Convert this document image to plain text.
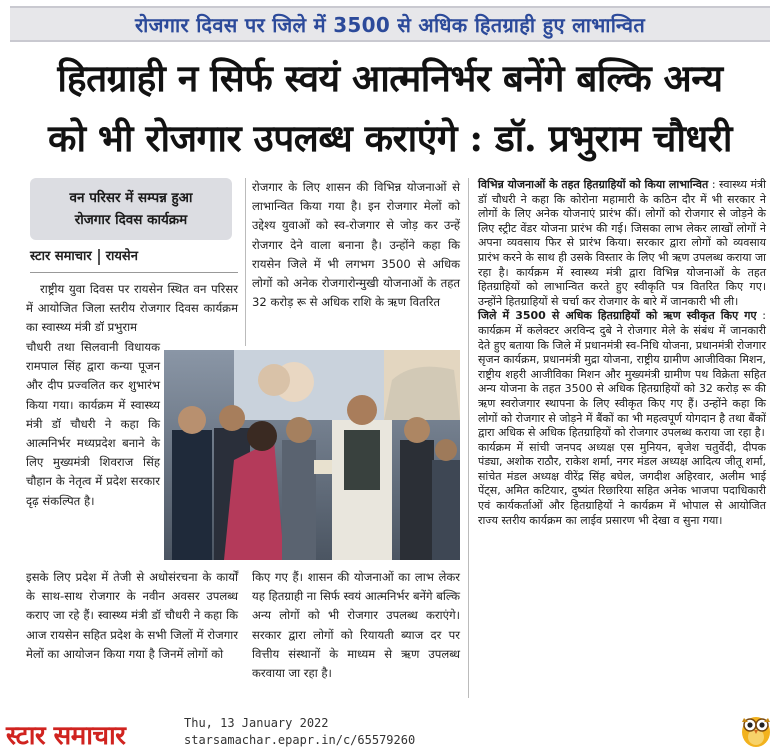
रोजगार दिवस पर जिले में 3500 से अधिक हितग्राही हुए लाभान्वित
हितग्राही न सिर्फ स्वयं आत्मनिर्भर बनेंगे बल्कि अन्य
को भी रोजगार उपलब्ध कराएंगे : डॉ. प्रभुराम चौधरी
वन परिसर में सम्पन्न हुआ
रोजगार दिवस कार्यक्रम
स्टार समाचार रायसेन

राष्ट्रीय युवा दिवस पर रायसेन स्थित वन परिसर में आयोजित जिला स्तरीय रोजगार दिवस कार्यक्रम का स्वास्थ्य मंत्री डॉ प्रभुराम

चौधरी तथा सिलवानी विधायक रामपाल सिंह द्वारा कन्या पूजन और दीप प्रज्वलित कर शुभारंभ किया गया। कार्यक्रम में स्वास्थ्य मंत्री डॉ चौधरी ने कहा कि आत्मनिर्भर मध्यप्रदेश बनाने के लिए मुख्यमंत्री शिवराज सिंह चौहान के नेतृत्व में प्रदेश सरकार दृढ़ संकल्पित है।

इसके लिए प्रदेश में तेजी से अधोसंरचना के कार्यों के साथ-साथ रोजगार के नवीन अवसर उपलब्ध कराए जा रहे हैं। स्वास्थ्य मंत्री डॉ चौधरी ने कहा कि आज रायसेन सहित प्रदेश के सभी जिलों में रोजगार मेलों का आयोजन किया गया है जिनमें लोगों को

रोजगार के लिए शासन की विभिन्न योजनाओं से लाभान्वित किया गया है। इन रोजगार मेलों को उद्देश्य युवाओं को स्व-रोजगार से जोड़ कर उन्हें रोजगार देने वाला बनाना है। उन्होंने कहा कि रायसेन जिले में भी लगभग 3500 से अधिक लोगों को अनेक रोजगारोन्मुखी योजनाओं के तहत 32 करोड़ रू से अधिक राशि के ऋण वितरित

किए गए हैं। शासन की योजनाओं का लाभ लेकर यह हितग्राही ना सिर्फ स्वयं आत्मनिर्भर बनेंगे बल्कि अन्य लोगों को भी रोजगार उपलब्ध कराएंगे। सरकार द्वारा लोगों को रियायती ब्याज दर पर वित्तीय संस्थानों के माध्यम से ऋण उपलब्ध करवाया जा रहा है।

विभिन्न योजनाओं के तहत हितग्राहियों को किया लाभान्वित : स्वास्थ्य मंत्री डॉ चौधरी ने कहा कि कोरोना महामारी के कठिन दौर में भी सरकार ने लोगों के लिए अनेक योजनाएं प्रारंभ कीं। लोगों को रोजगार से जोड़ने के लिए स्ट्रीट वेंडर योजना प्रारंभ की गई। जिसका लाभ लेकर लाखों लोगों ने अपना व्यवसाय फिर से प्रारंभ किया। सरकार द्वारा लोगों को व्यवसाय प्रारंभ करने के साथ ही उसके विस्तार के लिए भी ऋण उपलब्ध कराया जा रहा है। कार्यक्रम में स्वास्थ्य मंत्री द्वारा विभिन्न योजनाओं के तहत हितग्राहियों को लाभान्वित करते हुए स्वीकृति पत्र वितरित किए गए। उन्होंने हितग्राहियों से चर्चा कर रोजगार के बारे में जानकारी भी ली।

जिले में 3500 से अधिक हितग्राहियों को ऋण स्वीकृत किए गए : कार्यक्रम में कलेक्टर अरविन्द दुबे ने रोजगार मेले के संबंध में जानकारी देते हुए बताया कि जिले में प्रधानमंत्री स्व-निधि योजना, प्रधानमंत्री रोजगार सृजन कार्यक्रम, प्रधानमंत्री मुद्रा योजना, राष्ट्रीय ग्रामीण आजीविका मिशन, राष्ट्रीय शहरी आजीविका मिशन और मुख्यमंत्री ग्रामीण पथ विक्रेता सहित अन्य योजना के तहत 3500 से अधिक हितग्राहियों को 32 करोड़ रू की ऋण स्वरोजगार स्थापना के लिए स्वीकृत किए गए हैं। उन्होंने कहा कि लोगों को रोजगार से जोड़ने में बैंकों का भी महत्वपूर्ण योगदान है तथा बैंकों द्वारा अधिक से अधिक हितग्राहियों को रोजगार उपलब्ध कराया जा रहा है।

कार्यक्रम में सांची जनपद अध्यक्ष एस मुनियन, बृजेश चतुर्वेदी, दीपक पंड्या, अशोक राठौर, राकेश शर्मा, नगर मंडल अध्यक्ष आदित्य जीतू शर्मा, सांचेत मंडल अध्यक्ष वीरेंद्र सिंह बघेल, जगदीश अहिरवार, अलीम भाई पेंट्स, अमित कटियार, दुष्यंत रिछारिया सहित अनेक भाजपा पदाधिकारी एवं कार्यकर्ताओं और हितग्राहियों ने कार्यक्रम में भोपाल से आयोजित राज्य स्तरीय कार्यक्रम का लाईव प्रसारण भी देखा व सुना गया।

स्टार समाचार	Thu, 13 January 2022
starsamachar.epapr.in/c/65579260
